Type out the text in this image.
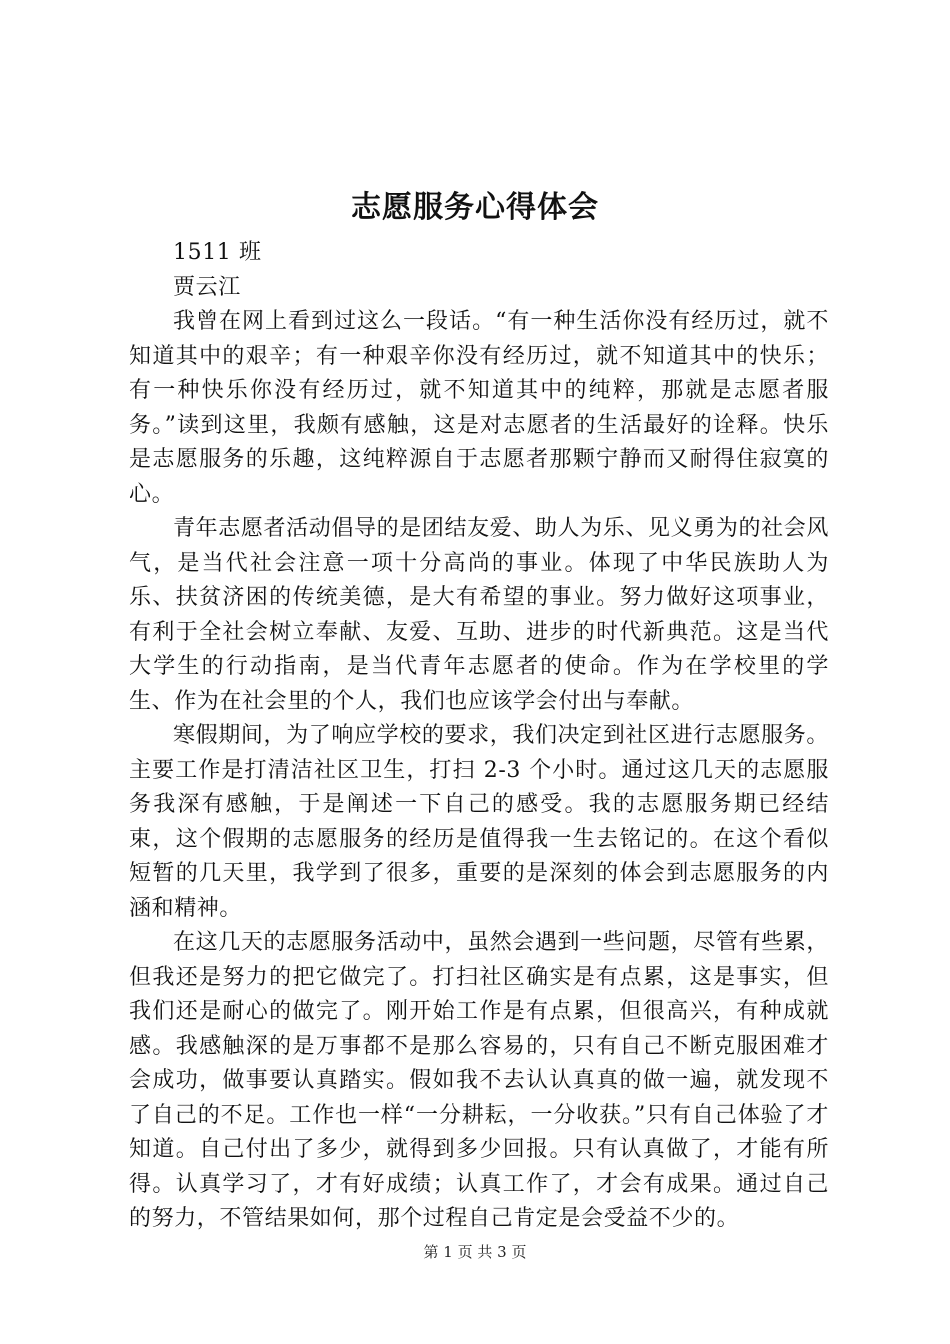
志愿服务心得体会

1511 班

贾云江

我曾在网上看到过这么一段话。“有一种生活你没有经历过，就不知道其中的艰辛；有一种艰辛你没有经历过，就不知道其中的快乐；有一种快乐你没有经历过，就不知道其中的纯粹，那就是志愿者服务。”读到这里，我颇有感触，这是对志愿者的生活最好的诠释。快乐是志愿服务的乐趣，这纯粹源自于志愿者那颗宁静而又耐得住寂寞的心。

青年志愿者活动倡导的是团结友爱、助人为乐、见义勇为的社会风气，是当代社会注意一项十分高尚的事业。体现了中华民族助人为乐、扶贫济困的传统美德，是大有希望的事业。努力做好这项事业，有利于全社会树立奉献、友爱、互助、进步的时代新典范。这是当代大学生的行动指南，是当代青年志愿者的使命。作为在学校里的学生、作为在社会里的个人，我们也应该学会付出与奉献。

寒假期间，为了响应学校的要求，我们决定到社区进行志愿服务。主要工作是打清洁社区卫生，打扫 2-3 个小时。通过这几天的志愿服务我深有感触，于是阐述一下自己的感受。我的志愿服务期已经结束，这个假期的志愿服务的经历是值得我一生去铭记的。在这个看似短暂的几天里，我学到了很多，重要的是深刻的体会到志愿服务的内涵和精神。

在这几天的志愿服务活动中，虽然会遇到一些问题，尽管有些累，但我还是努力的把它做完了。打扫社区确实是有点累，这是事实，但我们还是耐心的做完了。刚开始工作是有点累，但很高兴，有种成就感。我感触深的是万事都不是那么容易的，只有自己不断克服困难才会成功，做事要认真踏实。假如我不去认认真真的做一遍，就发现不了自己的不足。工作也一样“一分耕耘，一分收获。”只有自己体验了才知道。自己付出了多少，就得到多少回报。只有认真做了，才能有所得。认真学习了，才有好成绩；认真工作了，才会有成果。通过自己的努力，不管结果如何，那个过程自己肯定是会受益不少的。

第 1 页 共 3 页
